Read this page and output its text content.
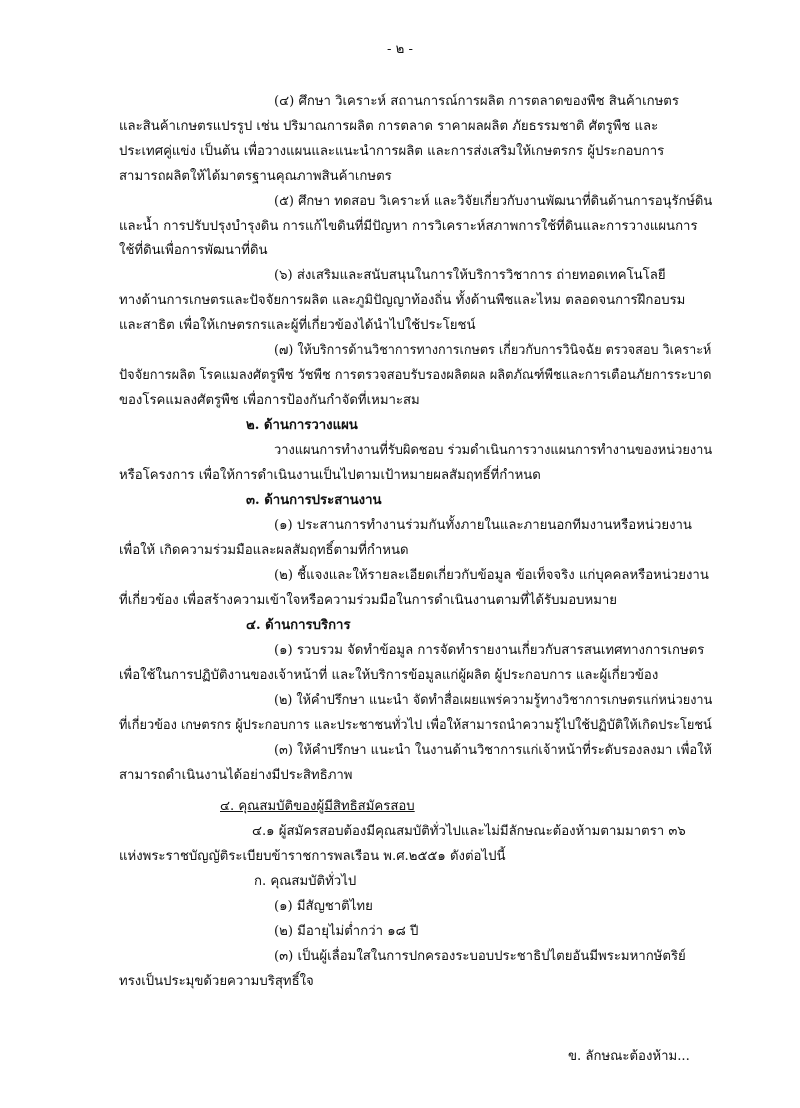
- ๒ -
(๔) ศึกษา วิเคราะห์ สถานการณ์การผลิต การตลาดของพืช สินค้าเกษตร
และสินค้าเกษตรแปรรูป เช่น ปริมาณการผลิต การตลาด ราคาผลผลิต ภัยธรรมชาติ ศัตรูพืช และ
ประเทศคู่แข่ง เป็นต้น เพื่อวางแผนและแนะนำการผลิต และการส่งเสริมให้เกษตรกร ผู้ประกอบการ
สามารถผลิตให้ได้มาตรฐานคุณภาพสินค้าเกษตร
(๕) ศึกษา ทดสอบ วิเคราะห์ และวิจัยเกี่ยวกับงานพัฒนาที่ดินด้านการอนุรักษ์ดิน
และน้ำ การปรับปรุงบำรุงดิน การแก้ไขดินที่มีปัญหา การวิเคราะห์สภาพการใช้ที่ดินและการวางแผนการ
ใช้ที่ดินเพื่อการพัฒนาที่ดิน
(๖) ส่งเสริมและสนับสนุนในการให้บริการวิชาการ ถ่ายทอดเทคโนโลยี
ทางด้านการเกษตรและปัจจัยการผลิต และภูมิปัญญาท้องถิ่น ทั้งด้านพืชและไหม ตลอดจนการฝึกอบรม
และสาธิต เพื่อให้เกษตรกรและผู้ที่เกี่ยวข้องได้นำไปใช้ประโยชน์
(๗) ให้บริการด้านวิชาการทางการเกษตร เกี่ยวกับการวินิจฉัย ตรวจสอบ วิเคราะห์
ปัจจัยการผลิต โรคแมลงศัตรูพืช วัชพืช การตรวจสอบรับรองผลิตผล ผลิตภัณฑ์พืชและการเตือนภัยการระบาด
ของโรคแมลงศัตรูพืช เพื่อการป้องกันกำจัดที่เหมาะสม
๒. ด้านการวางแผน
วางแผนการทำงานที่รับผิดชอบ ร่วมดำเนินการวางแผนการทำงานของหน่วยงาน
หรือโครงการ เพื่อให้การดำเนินงานเป็นไปตามเป้าหมายผลสัมฤทธิ์ที่กำหนด
๓. ด้านการประสานงาน
(๑) ประสานการทำงานร่วมกันทั้งภายในและภายนอกทีมงานหรือหน่วยงาน
เพื่อให้ เกิดความร่วมมือและผลสัมฤทธิ์ตามที่กำหนด
(๒) ชี้แจงและให้รายละเอียดเกี่ยวกับข้อมูล ข้อเท็จจริง แก่บุคคลหรือหน่วยงาน
ที่เกี่ยวข้อง เพื่อสร้างความเข้าใจหรือความร่วมมือในการดำเนินงานตามที่ได้รับมอบหมาย
๔. ด้านการบริการ
(๑) รวบรวม จัดทำข้อมูล การจัดทำรายงานเกี่ยวกับสารสนเทศทางการเกษตร
เพื่อใช้ในการปฏิบัติงานของเจ้าหน้าที่ และให้บริการข้อมูลแก่ผู้ผลิต ผู้ประกอบการ และผู้เกี่ยวข้อง
(๒) ให้คำปรึกษา แนะนำ จัดทำสื่อเผยแพร่ความรู้ทางวิชาการเกษตรแก่หน่วยงาน
ที่เกี่ยวข้อง เกษตรกร ผู้ประกอบการ และประชาชนทั่วไป เพื่อให้สามารถนำความรู้ไปใช้ปฏิบัติให้เกิดประโยชน์
(๓) ให้คำปรึกษา แนะนำ ในงานด้านวิชาการแก่เจ้าหน้าที่ระดับรองลงมา เพื่อให้
สามารถดำเนินงานได้อย่างมีประสิทธิภาพ
๔. คุณสมบัติของผู้มีสิทธิสมัครสอบ
๔.๑ ผู้สมัครสอบต้องมีคุณสมบัติทั่วไปและไม่มีลักษณะต้องห้ามตามมาตรา ๓๖
แห่งพระราชบัญญัติระเบียบข้าราชการพลเรือน พ.ศ.๒๕๕๑ ดังต่อไปนี้
ก. คุณสมบัติทั่วไป
(๑) มีสัญชาติไทย
(๒) มีอายุไม่ต่ำกว่า ๑๘ ปี
(๓) เป็นผู้เลื่อมใสในการปกครองระบอบประชาธิปไตยอันมีพระมหากษัตริย์
ทรงเป็นประมุขด้วยความบริสุทธิ์ใจ
ข. ลักษณะต้องห้าม...
